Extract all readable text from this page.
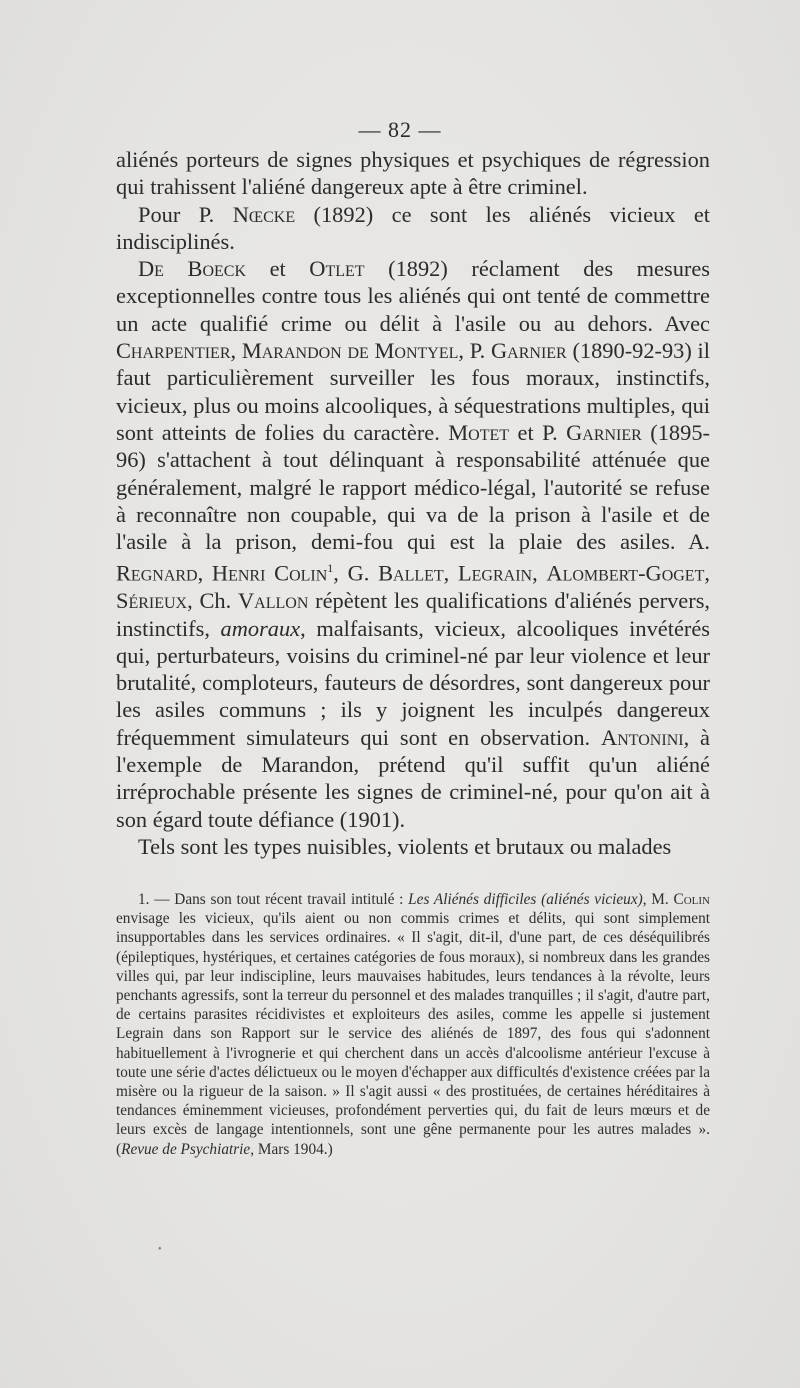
— 82 —

aliénés porteurs de signes physiques et psychiques de régression qui trahissent l'aliéné dangereux apte à être criminel.

Pour P. Nœcke (1892) ce sont les aliénés vicieux et indisciplinés.

De Boeck et Otlet (1892) réclament des mesures exceptionnelles contre tous les aliénés qui ont tenté de commettre un acte qualifié crime ou délit à l'asile ou au dehors. Avec Charpentier, Marandon de Montyel, P. Garnier (1890-92-93) il faut particulièrement surveiller les fous moraux, instinctifs, vicieux, plus ou moins alcooliques, à séquestrations multiples, qui sont atteints de folies du caractère. Motet et P. Garnier (1895-96) s'attachent à tout délinquant à responsabilité atténuée que généralement, malgré le rapport médico-légal, l'autorité se refuse à reconnaître non coupable, qui va de la prison à l'asile et de l'asile à la prison, demi-fou qui est la plaie des asiles. A. Regnard, Henri Colin$^1$, G. Ballet, Legrain, Alombert-Goget, Sérieux, Ch. Vallon répètent les qualifications d'aliénés pervers, instinctifs, amoraux, malfaisants, vicieux, alcooliques invétérés qui, perturbateurs, voisins du criminel-né par leur violence et leur brutalité, comploteurs, fauteurs de désordres, sont dangereux pour les asiles communs ; ils y joignent les inculpés dangereux fréquemment simulateurs qui sont en observation. Antonini, à l'exemple de Marandon, prétend qu'il suffit qu'un aliéné irréprochable présente les signes de criminel-né, pour qu'on ait à son égard toute défiance (1901).

Tels sont les types nuisibles, violents et brutaux ou malades

1. — Dans son tout récent travail intitulé : Les Aliénés difficiles (aliénés vicieux), M. Colin envisage les vicieux, qu'ils aient ou non commis crimes et délits, qui sont simplement insupportables dans les services ordinaires. « Il s'agit, dit-il, d'une part, de ces déséquilibrés (épileptiques, hystériques, et certaines catégories de fous moraux), si nombreux dans les grandes villes qui, par leur indiscipline, leurs mauvaises habitudes, leurs tendances à la révolte, leurs penchants agressifs, sont la terreur du personnel et des malades tranquilles ; il s'agit, d'autre part, de certains parasites récidivistes et exploiteurs des asiles, comme les appelle si justement Legrain dans son Rapport sur le service des aliénés de 1897, des fous qui s'adonnent habituellement à l'ivrognerie et qui cherchent dans un accès d'alcoolisme antérieur l'excuse à toute une série d'actes délictueux ou le moyen d'échapper aux difficultés d'existence créées par la misère ou la rigueur de la saison. » Il s'agit aussi « des prostituées, de certaines héréditaires à tendances éminemment vicieuses, profondément perverties qui, du fait de leurs mœurs et de leurs excès de langage intentionnels, sont une gêne permanente pour les autres malades ». (Revue de Psychiatrie, Mars 1904.)

•
